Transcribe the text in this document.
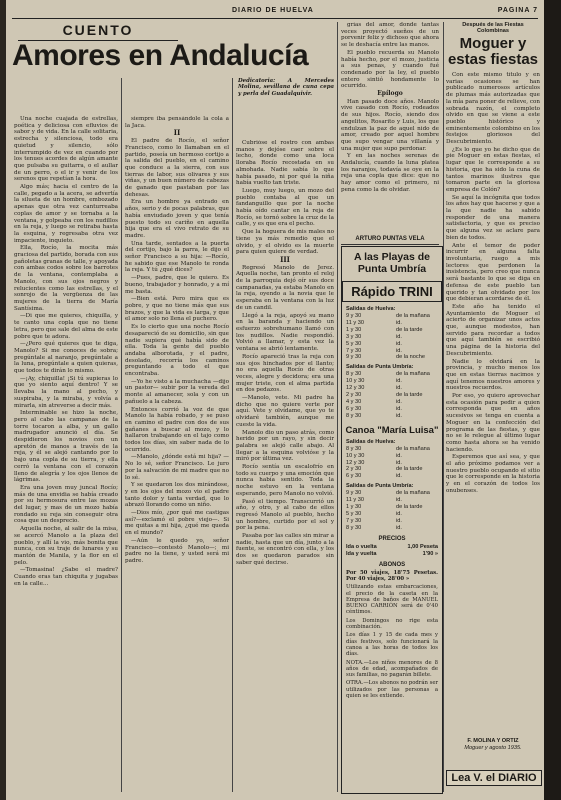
DIARIO DE HUELVA	PAGINA 7
CUENTO
Amores en Andalucía
Dedicatoria: A Mercedes Molina, sevillana de cuna cepa y perla del Guadalquivir.

Una noche cuajada de estrellas, poética y deliciosa con efluvios de sabor y de vida. En la calle solitaria, estrecha y silenciosa, todo era quietud y silencio, sólo interrumpido de vez en cuando por los tenues acordes de algún amante que pulsaba su guitarra, o el aullar de un perro, o el ir y venir de los serenos que repetían la hora.

Algo más; hacia el centro de la calle, pegado a la acera, se advertía la silueta de un hombre, embozado apenas que otra vez canturreaba coplas de amor y se tornaba a la ventana, y golpeaba con los nudillos en la reja, y luego se retiraba hasta la esquina, y regresaba otra vez impaciente, inquieto.

Ella, Rocío, la mocita más graciosa del partido, borada con sus pañoletas granas de talle, y apoyada con ambas codos sobre los barrotes de la ventana, contemplaba a Manolo, con sus ojos negros y relucientes como las estrellas, y el sonrojo de la vergüenza de las mujeres de la tierra de María Santísima.

—Di que me quieres, chiquilla, y te canto una copla que no tiene letra, pero que sale del alma de este pobre que te adora.

—¿Pero qué quieres que te diga, Manolo? Si me conoces de sobra; pregúntale al naranjo, pregúntale a la luna, pregúntale a quien quieras, que todos te dirán lo mismo.

—¡Ay, chiquilla! ¡Si tú supieras lo que yo siento aquí dentro! Y se llevaba la mano al pecho, y suspiraba, y la miraba, y volvía a mirarla, sin atreverse a decir más.

Interminable se hizo la noche, pero al cabo las campanas de la torre tocaron a alba, y un gallo madrugador anunció el día. Se despidieron los novios con un apretón de manos a través de la reja, y él se alejó cantando por lo bajo una copla de su tierra, y ella cerró la ventana con el corazón lleno de alegría y los ojos llenos de lágrimas.

Era una joven muy juncal Rocío; más de una envidia se había creado por su hermosura entre las mozas del lugar, y mas de un mozo había rondado su reja sin conseguir otra cosa que un desprecio.

Aquella noche, al salir de la misa, se acercó Manolo a la plaza del pueblo, y allí la vio, más bonita que nunca, con su traje de lunares y su mantón de Manila, y la flor en el pelo.

—Tomasina! ¿Sabe el madre? Cuando eras tan chiquita y jugabas en la calle...

siempre iba pensándole la cola a la Jaca.

II

El padre de Rocío, el señor Francisco, como lo llamaban en el partido, poseía un hermoso cortijo a la salida del pueblo, en el camino que conduce a la sierra, con sus tierras de labor, sus olivares y sus viñas, y un buen número de cabezas de ganado que pastaban por las dehesas.

Era un hombre ya entrado en años, serio y de pocas palabras, que había enviudado joven y que tenía puesto todo su cariño en aquella hija que era el vivo retrato de su madre.

Una tarde, sentados a la puerta del cortijo, bajo la parra, le dijo el señor Francisco a su hija: —Rocío, he sabido que ese Manolo te ronda la reja. Y tú ¿qué dices?

—Pues, padre, que le quiero. Es bueno, trabajador y honrado, y a mí me basta.

—Bien está. Pero mira que es pobre, y que no tiene más que sus brazos, y que la vida es larga, y que el amor solo no llena el puchero.

Es lo cierto que una noche Rocío desapareció de su domicilio, sin que nadie supiera qué había sido de ella. Toda la gente del pueblo andaba alborotada, y el padre, desolado, recorría los caminos preguntando a todo el que encontraba.

—Yo he visto a la muchacha —dijo un pastor— subir por la vereda del monte al amanecer, sola y con un pañuelo a la cabeza.

Entonces corrió la voz de que Manolo la había robado, y se puso en camino el padre con dos de sus gañanes a buscar al mozo, y lo hallaron trabajando en el tajo como todos los días, sin saber nada de lo ocurrido.

—Manolo, ¿dónde está mi hija? —No lo sé, señor Francisco. Le juro por la salvación de mi madre que no lo sé.

Y se quedaron los dos mirándose, y en los ojos del mozo vio el padre tanto dolor y tanta verdad, que lo abrazó llorando como un niño.

—Dios mío, ¿por qué me castigas así?—exclamó el pobre viejo—. Si me quitas a mi hija, ¿qué me queda en el mundo?

—Aún le quedo yo, señor Francisco—contestó Manolo—; mi padre no la tiene, y usted será mi padre.

Cubrióse el rostro con ambas manos y dejóse caer sobre el lecho, donde como una loca lloraba Rocío recostada en su almohada. Nadie sabía lo que había pasado, ni por qué la niña había vuelto tan triste.

Luego, muy luego, un mozo del pueblo contaba al que un fandanguillo que por la noche había oído cantar en la reja de Rocío, se tornó sobre la cruz de la calle, y es que era el pecho.

Que la hoguera de mis males no tiene ya más remedio que el olvido, y el olvido es la muerte para quien quiere de verdad.

III

Regresó Manolo de Jerez. Aquella noche, tan pronto el reloj de la parroquia dejó oír sus doce campanadas, ya estaba Manolo en la reja, oyendo a la novia que le esperaba en la ventana con la luz de un candil.

Llegó a la reja, apoyó su mano en la baranda y haciendo un esfuerzo sobrehumano llamó con los nudillos. Nadie respondió. Volvió a llamar, y esta vez la ventana se abrió lentamente.

Rocío apareció tras la reja con sus ojos hinchados por el llanto; no era aquella Rocío de otras veces, alegre y decidora; era una mujer triste, con el alma partida en dos pedazos.

—Manolo, vete. Mi padre ha dicho que no quiere verte por aquí. Vete y olvídame, que yo te olvidaré también, aunque me cueste la vida.

Manolo dio un paso atrás, como herido por un rayo, y sin decir palabra se alejó calle abajo. Al llegar a la esquina volvióse y la miró por última vez.

Rocío sentía un escalofrío en todo su cuerpo y una emoción que nunca había sentido. Toda la noche estuvo en la ventana esperando, pero Manolo no volvió.

Pasó el tiempo. Transcurrió un año, y otro, y al cabo de ellos regresó Manolo al pueblo, hecho un hombre, curtido por el sol y por la pena.

Pasaba por las calles sin mirar a nadie, hasta que un día, junto a la fuente, se encontró con ella, y los dos se quedaron parados sin saber qué decirse.

grías del amor, donde tantas veces proyectó sueños de un porvenir feliz y dichoso que ahora se le deshacía entre las manos.

El pueblo recuerda su Manolo había hecho, por el mozo, justicia a sus penas, y cuando fué condenado por la ley, el pueblo entero sintió hondamente lo ocurrido.

Epílogo

Han pasado doce años. Manolo vive casado con Rocío, rodeados de sus hijos. Rocío, siendo dos angelitos, Rosarito y Luis, los que endulzan la paz de aquel nido de amor, creado por aquel hombre que supo vengar una villanía y una mujer que supo perdonar.

Y en las noches serenas de Andalucía, cuando la luna platea los naranjos, todavía se oye en la reja una copla que dice: que no hay amor como el primero, ni pena como la de olvidar.

ARTURO PUNTAS VELA
A las Playas de Punta Umbría
Rápido TRINI
Salidas de Huelva:
9 y 30	de la mañana
11 y 30	id.
1 y 30	de la tarde
3 y 30	id.
5 y 30	id.
7 y 30	id.
9 y 30	de la noche
Salidas de Punta Umbría:
8 y 30	de la mañana
10 y 30	id.
12 y 30	id.
2 y 30	de la tarde
4 y 30	id.
6 y 30	id.
8 y 30	id.
Canoa "María Luisa"
Salidas de Huelva:
8 y 30	de la mañana
10 y 30	id.
12 y 30	id.
2 y 30	de la tarde
6 y 30	id.
Salidas de Punta Umbría:
9 y 30	de la mañana
11 y 30	id.
1 y 30	de la tarde
5 y 30	id.
7 y 30	id.
8 y 30	id.
PRECIOS
Ida o vuelta	1,00 Peseta
Ida y vuelta	1'90 »
ABONOS
Por 50 viajes, 18'75 Pesetas. Por 40 viajes, 28'00 »
Utilizando estas embarcaciones, el precio de la caseta en la Empresa de baños de MANUEL BUENO CARRIÓN será de 0'40 céntimos.
Los Domingos no rige esta combinación.
Los días 1 y 15 de cada mes y días festivos, solo funcionará la canoa a las horas de todos los días.
NOTA.—Los niños menores de 8 años de edad, acompañados de sus familias, no pagarán billete.
OTRA.—Los abonos no podrán ser utilizados por las personas a quien se les extiende.
Después de las Fiestas Colombinas
Moguer y estas fiestas

Con este mismo título y en varias ocasiones se han publicado numerosos artículos de plumas más autorizadas que la mía para poner de relieve, con sobrada razón, el completo olvido en que se viene a este pueblo histórico y eminentemente colombino en los festejos gloriosos del Descubrimiento.

¿Es lo que yo he dicho que de pie Moguer en estas fiestas, el lugar que le corresponde a su historia, que ha sido la cuna de tantos marinos ilustres que tomaron parte en la gloriosa empresa de Colón?

Se aquí la incógnita que todos los años hay que hacerse y que a la que nadie ha sabido responder de una manera satisfactoria, y que es preciso que alguna vez se aclare para bien de todos.

Ante el temor de poder incurrir en alguna falta involuntaria, ruego a mis lectores que perdonen la insistencia, pero creo que nunca será bastante lo que se diga en defensa de este pueblo tan querido y tan olvidado por los que debieran acordarse de él.

Este año ha tenido el Ayuntamiento de Moguer el acierto de organizar unos actos que, aunque modestos, han servido para recordar a todos que aquí también se escribió una página de la historia del Descubrimiento.

Nadie lo olvidará en la provincia, y mucho menos los que en estas tierras nacimos y aquí tenemos nuestros amores y nuestros recuerdos.

Por eso, yo quiero aprovechar esta ocasión para pedir a quien corresponda que en años sucesivos se tenga en cuenta a Moguer en la confección del programa de las fiestas, y que no se le relegue al último lugar como hasta ahora se ha venido haciendo.

Esperemos que así sea, y que el año próximo podamos ver a nuestro pueblo ocupando el sitio que le corresponde en la historia y en el corazón de todos los onubenses.

F. MOLINA Y ORTIZ
Moguer y agosto 1935.
Lea V. el DIARIO
